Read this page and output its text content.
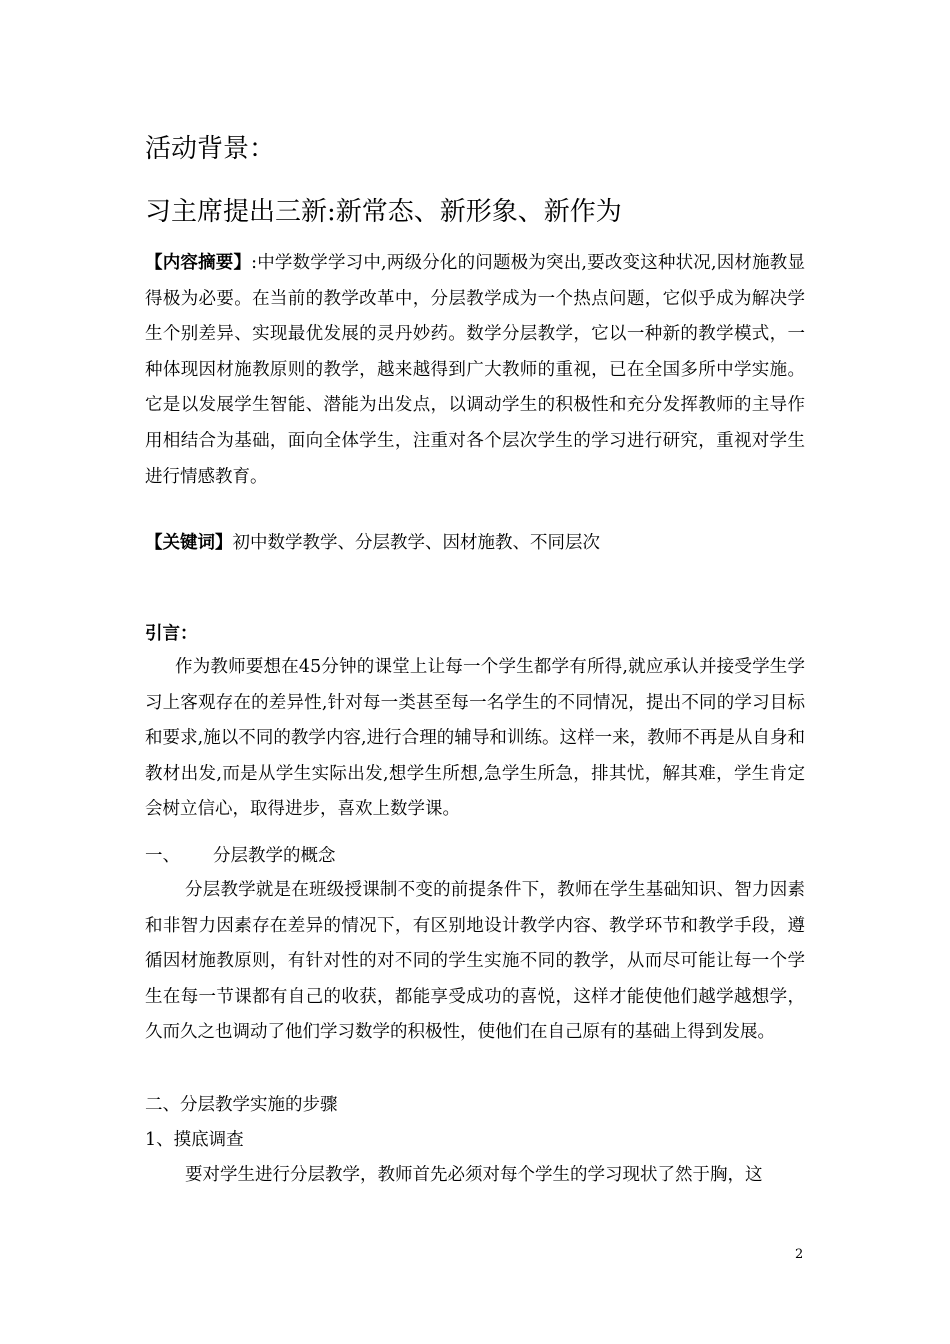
活动背景：
习主席提出三新:新常态、新形象、新作为
【内容摘要】:中学数学学习中,两级分化的问题极为突出,要改变这种状况,因材施教显得极为必要。在当前的教学改革中，分层教学成为一个热点问题，它似乎成为解决学生个别差异、实现最优发展的灵丹妙药。数学分层教学，它以一种新的教学模式，一种体现因材施教原则的教学，越来越得到广大教师的重视，已在全国多所中学实施。它是以发展学生智能、潜能为出发点，以调动学生的积极性和充分发挥教师的主导作用相结合为基础，面向全体学生，注重对各个层次学生的学习进行研究，重视对学生进行情感教育。
【关键词】初中数学教学、分层教学、因材施教、不同层次
引言：
作为教师要想在45分钟的课堂上让每一个学生都学有所得,就应承认并接受学生学习上客观存在的差异性,针对每一类甚至每一名学生的不同情况，提出不同的学习目标和要求,施以不同的教学内容,进行合理的辅导和训练。这样一来，教师不再是从自身和教材出发,而是从学生实际出发,想学生所想,急学生所急，排其忧，解其难，学生肯定会树立信心，取得进步，喜欢上数学课。
一、 分层教学的概念
分层教学就是在班级授课制不变的前提条件下，教师在学生基础知识、智力因素和非智力因素存在差异的情况下，有区别地设计教学内容、教学环节和教学手段，遵循因材施教原则，有针对性的对不同的学生实施不同的教学，从而尽可能让每一个学生在每一节课都有自己的收获，都能享受成功的喜悦，这样才能使他们越学越想学，久而久之也调动了他们学习数学的积极性，使他们在自己原有的基础上得到发展。
二、分层教学实施的步骤
1、摸底调查
要对学生进行分层教学，教师首先必须对每个学生的学习现状了然于胸，这
2
